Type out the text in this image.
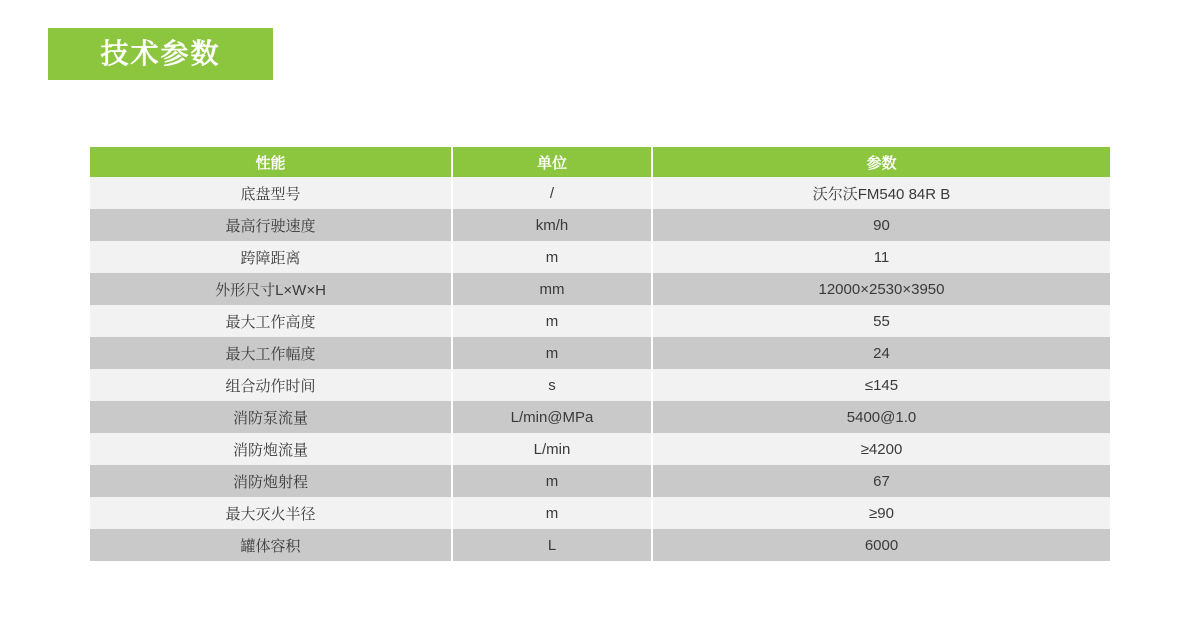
技术参数
性能	单位	参数
底盘型号	/	沃尔沃FM540 84R B
最高行驶速度	km/h	90
跨障距离	m	11
外形尺寸L×W×H	mm	12000×2530×3950
最大工作高度	m	55
最大工作幅度	m	24
组合动作时间	s	≤145
消防泵流量	L/min@MPa	5400@1.0
消防炮流量	L/min	≥4200
消防炮射程	m	67
最大灭火半径	m	≥90
罐体容积	L	6000
